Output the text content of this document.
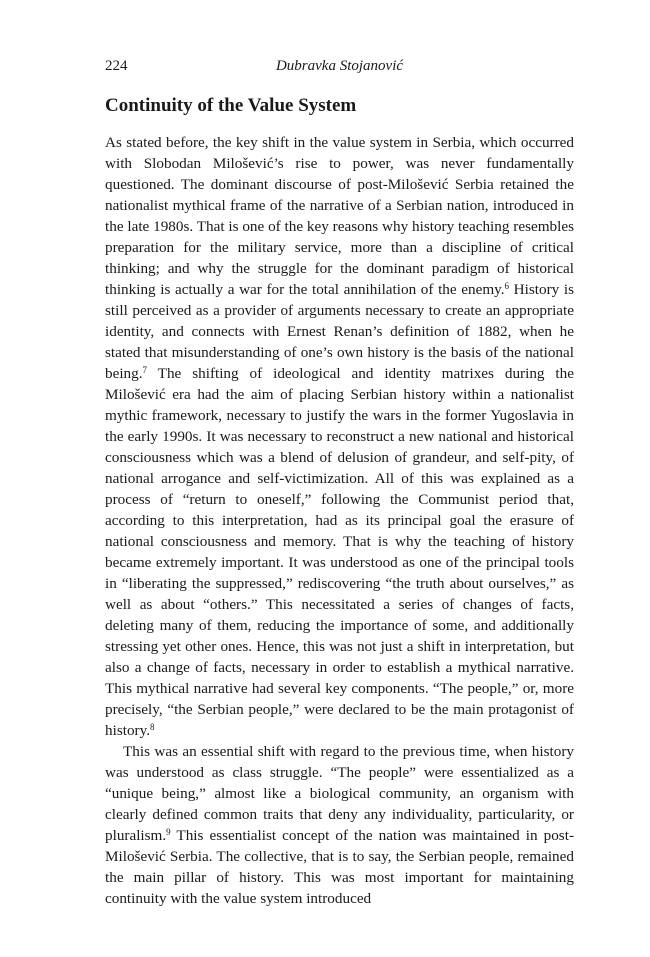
224	Dubravka Stojanović
Continuity of the Value System

As stated before, the key shift in the value system in Serbia, which occurred with Slobodan Milošević’s rise to power, was never fundamentally questioned. The dominant discourse of post-Milošević Serbia retained the nationalist mythical frame of the narrative of a Serbian nation, introduced in the late 1980s. That is one of the key reasons why history teaching resembles preparation for the military service, more than a discipline of critical thinking; and why the struggle for the dominant paradigm of historical thinking is actually a war for the total annihilation of the enemy.$^6$ History is still perceived as a provider of arguments necessary to create an appropriate identity, and connects with Ernest Renan’s definition of 1882, when he stated that misunderstanding of one’s own history is the basis of the national being.$^7$ The shifting of ideological and identity matrixes during the Milošević era had the aim of placing Serbian history within a nationalist mythic framework, necessary to justify the wars in the former Yugoslavia in the early 1990s. It was necessary to reconstruct a new national and historical consciousness which was a blend of delusion of grandeur, and self-pity, of national arrogance and self-victimization. All of this was explained as a process of “return to oneself,” following the Communist period that, according to this interpretation, had as its principal goal the erasure of national consciousness and memory. That is why the teaching of history became extremely important. It was understood as one of the principal tools in “liberating the suppressed,” rediscovering “the truth about ourselves,” as well as about “others.” This necessitated a series of changes of facts, deleting many of them, reducing the importance of some, and additionally stressing yet other ones. Hence, this was not just a shift in interpretation, but also a change of facts, necessary in order to establish a mythical narrative. This mythical narrative had several key components. “The people,” or, more precisely, “the Serbian people,” were declared to be the main protagonist of history.$^8$

This was an essential shift with regard to the previous time, when history was understood as class struggle. “The people” were essentialized as a “unique being,” almost like a biological community, an organism with clearly defined common traits that deny any individuality, particularity, or pluralism.$^9$ This essentialist concept of the nation was maintained in post-Milošević Serbia. The collective, that is to say, the Serbian people, remained the main pillar of history. This was most important for maintaining continuity with the value system introduced
